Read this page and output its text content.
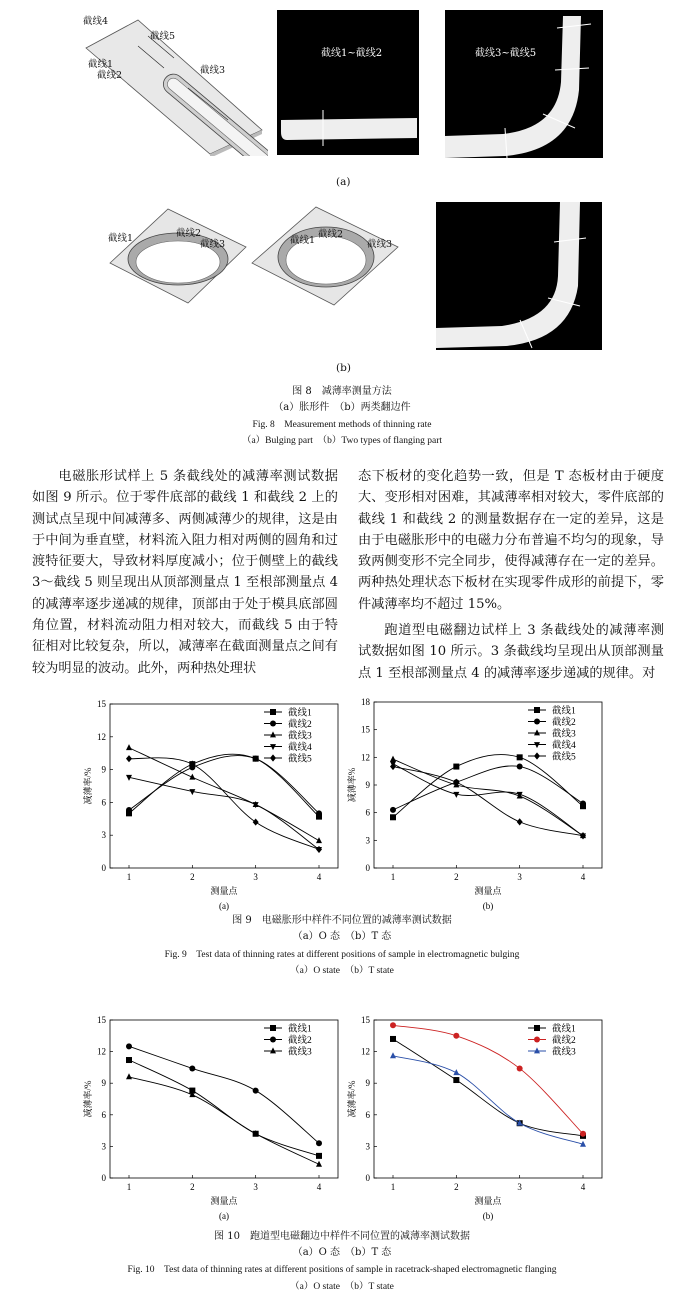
截线4
截线5
截线1
截线2	截线3
截线1~截线2	截线3~截线5
(a)
截线1	截线2
截线3	截线1
截线2
截线3
(b)
图 8　减薄率测量方法
（a）胀形件　（b）两类翻边件
Fig. 8　Measurement methods of thinning rate
（a）Bulging part　（b）Two types of flanging part

电磁胀形试样上 5 条截线处的减薄率测试数据如图 9 所示。位于零件底部的截线 1 和截线 2 上的测试点呈现中间减薄多、两侧减薄少的规律，这是由于中间为垂直壁，材料流入阻力相对两侧的圆角和过渡特征要大，导致材料厚度减小；位于侧壁上的截线 3～截线 5 则呈现出从顶部测量点 1 至根部测量点 4 的减薄率逐步递减的规律，顶部由于处于模具底部圆角位置，材料流动阻力相对较大，而截线 5 由于特征相对比较复杂，所以，减薄率在截面测量点之间有较为明显的波动。此外，两种热处理状

态下板材的变化趋势一致，但是 T 态板材由于硬度大、变形相对困难，其减薄率相对较大，零件底部的截线 1 和截线 2 的测量数据存在一定的差异，这是由于电磁胀形中的电磁力分布普遍不均匀的现象，导致两侧变形不完全同步，使得减薄存在一定的差异。两种热处理状态下板材在实现零件成形的前提下，零件减薄率均不超过 15%。

跑道型电磁翻边试样上 3 条截线处的减薄率测试数据如图 10 所示。3 条截线均呈现出从顶部测量点 1 至根部测量点 4 的减薄率逐步递减的规律。对

0
3
6
9
12
15
1	2	3	4
测量点
减薄率/%
(a)
截线1
截线2
截线3
截线4
截线5
0
3
6
9
12
15
18
1	2	3	4
测量点
减薄率%
(b)
截线1
截线2
截线3
截线4
截线5
图 9　电磁胀形中样件不同位置的减薄率测试数据
（a）O 态　（b）T 态
Fig. 9　Test data of thinning rates at different positions of sample in electromagnetic bulging
（a）O state　（b）T state
0
3
6
9
12
15
1	2	3	4
测量点
减薄率/%
(a)
截线1
截线2
截线3
0
3
6
9
12
15
1	2	3	4
测量点
减薄率/%
(b)
截线1
截线2
截线3
图 10　跑道型电磁翻边中样件不同位置的减薄率测试数据
（a）O 态　（b）T 态
Fig. 10　Test data of thinning rates at different positions of sample in racetrack-shaped electromagnetic flanging
（a）O state　（b）T state
